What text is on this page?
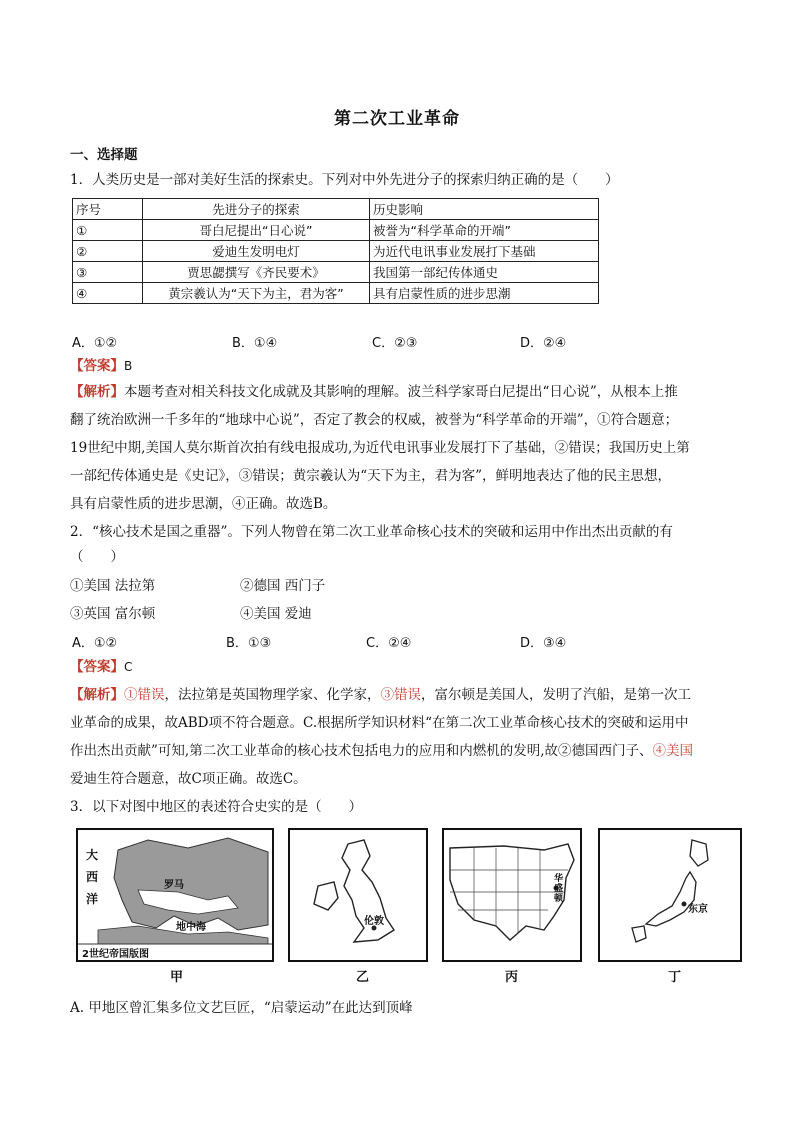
第二次工业革命
一、选择题
1．人类历史是一部对美好生活的探索史。下列对中外先进分子的探索归纳正确的是（　　）
序号	先进分子的探索	历史影响
①	哥白尼提出“日心说”	被誉为“科学革命的开端”
②	爱迪生发明电灯	为近代电讯事业发展打下基础
③	贾思勰撰写《齐民要术》	我国第一部纪传体通史
④	黄宗羲认为“天下为主，君为客”	具有启蒙性质的进步思潮
A．①②	B．①④	C．②③	D．②④
【答案】B
【解析】本题考查对相关科技文化成就及其影响的理解。波兰科学家哥白尼提出“日心说”，从根本上推
翻了统治欧洲一千多年的“地球中心说”，否定了教会的权威，被誉为“科学革命的开端”，①符合题意；
19世纪中期,美国人莫尔斯首次拍有线电报成功,为近代电讯事业发展打下了基础，②错误；我国历史上第
一部纪传体通史是《史记》，③错误；黄宗羲认为“天下为主，君为客”，鲜明地表达了他的民主思想，
具有启蒙性质的进步思潮，④正确。故选B。
2．“核心技术是国之重器”。下列人物曾在第二次工业革命核心技术的突破和运用中作出杰出贡献的有
（　　）
①美国 法拉第	②德国 西门子
③英国 富尔顿	④美国 爱迪
A．①②	B．①③	C．②④	D．③④
【答案】C
【解析】①错误，法拉第是英国物理学家、化学家，③错误，富尔顿是美国人，发明了汽船，是第一次工
业革命的成果，故ABD项不符合题意。C.根据所学知识材料“在第二次工业革命核心技术的突破和运用中
作出杰出贡献”可知,第二次工业革命的核心技术包括电力的应用和内燃机的发明,故②德国西门子、④美国
爱迪生符合题意，故C项正确。故选C。
3．以下对图中地区的表述符合史实的是（　　）
大
西
洋
罗马
地中海
2世纪帝国版图
伦敦
华盛顿
东京
甲	乙	丙	丁
A. 甲地区曾汇集多位文艺巨匠，“启蒙运动”在此达到顶峰
